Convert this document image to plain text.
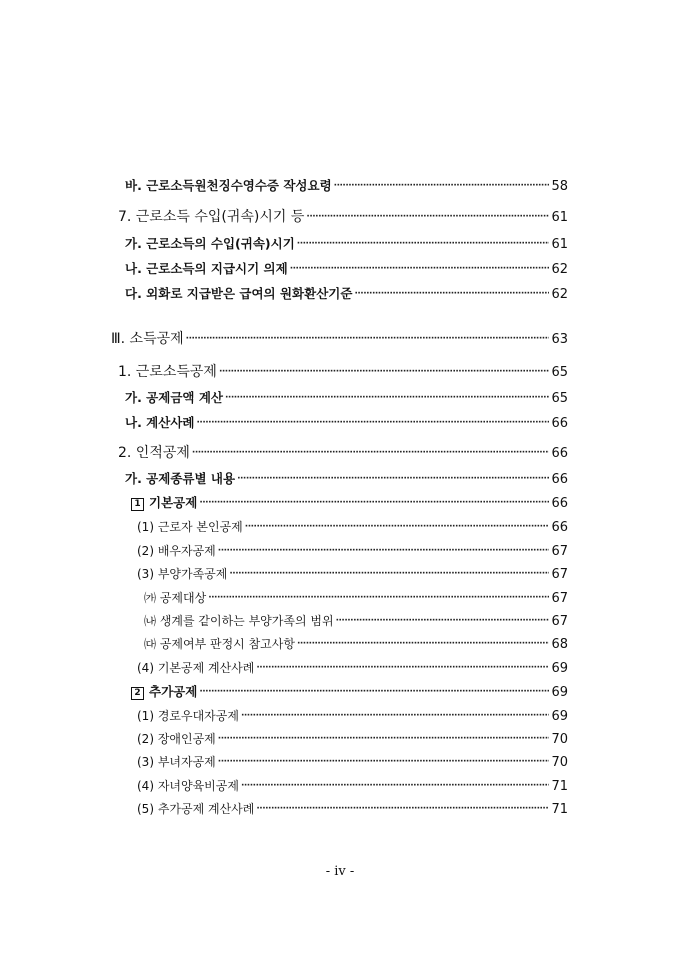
바. 근로소득원천징수영수증 작성요령 ·····	58
7. 근로소득 수입(귀속)시기 등 ·····	61
가. 근로소득의 수입(귀속)시기 ·····	61
나. 근로소득의 지급시기 의제 ·····	62
다. 외화로 지급받은 급여의 원화환산기준 ·····	62
Ⅲ. 소득공제 ·····	63
1. 근로소득공제 ·····	65
가. 공제금액 계산 ·····	65
나. 계산사례 ·····	66
2. 인적공제 ·····	66
가. 공제종류별 내용 ·····	66
1 기본공제 ·····	66
(1) 근로자 본인공제 ·····	66
(2) 배우자공제 ·····	67
(3) 부양가족공제 ·····	67
㈎ 공제대상 ·····	67
㈏ 생계를 같이하는 부양가족의 범위 ·····	67
㈐ 공제여부 판정시 참고사항 ·····	68
(4) 기본공제 계산사례 ·····	69
2 추가공제 ·····	69
(1) 경로우대자공제 ·····	69
(2) 장애인공제 ·····	70
(3) 부녀자공제 ·····	70
(4) 자녀양육비공제 ·····	71
(5) 추가공제 계산사례 ·····	71
- iv -
